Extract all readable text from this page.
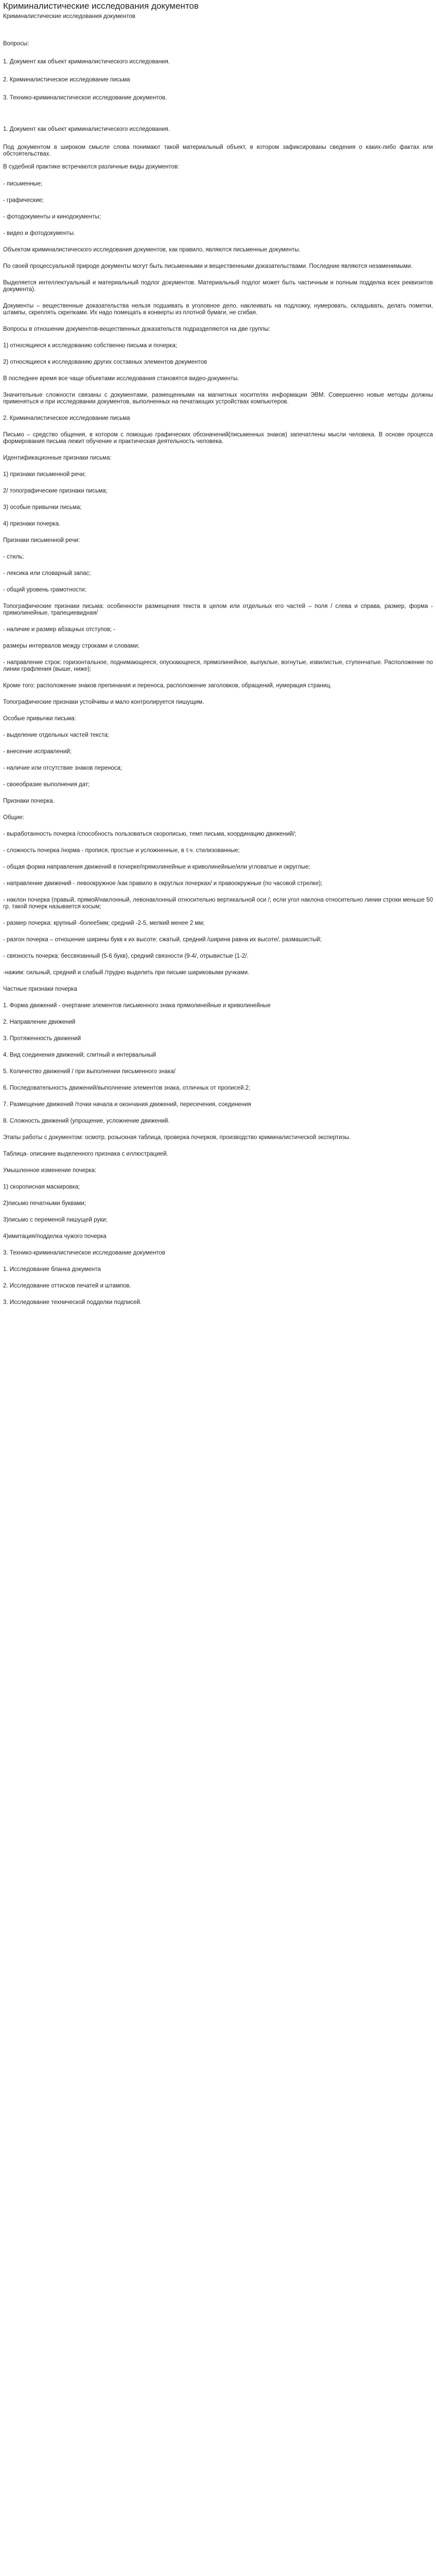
Криминалистические исследования документов
Криминалистические исследования документов

Вопросы:

1. Документ как объект криминалистического исследования.

2. Криминалистическое исследование письма

3. Технико-криминалистическое исследование документов.

1. Документ как объект криминалистического исследования.

Под документом в широком смысле слова понимают такой материальный объект, в котором зафиксированы сведения о каких-либо фактах или обстоятельствах.

В судебной практике встречаются различные виды документов:

- письменные;

- графические;

- фотодокументы и кинодокументы;

- видео и фотодокументы.

Объектом криминалистического исследования документов, как правило, являются письменные документы.

По своей процессуальной природе документы могут быть письменными и вещественными доказательствами. Последние являются незаменимыми.

Выделяется интеллектуальный и материальный подлог документов. Материальный подлог может быть частичным и полным подделка всех реквизитов документа).

Документы – вещественные доказательства нельзя подшивать в уголовное дело, наклеивать на подложку, нумеровать, складывать, делать пометки, штампы, скреплять скрепками. Их надо помещать в конверты из плотной бумаги, не сгибая.

Вопросы в отношении документов-вещественных доказательств подразделяются на две группы:

1) относящиеся к исследованию собственно письма и почерка;

2) относящиеся к исследованию других составных элементов документов

В последнее время все чаще объектами исследования становятся видео-документы.

Значительные сложности связаны с документами, размещенными на магнитных носителях информации ЭВМ. Совершенно новые методы должны применяться и при исследовании документов, выполненных на печатающих устройствах компьютеров.

2. Криминалистическое исследование письма

Письмо – средство общения, в котором с помощью графических обозначений(письменных знаков) запечатлены мысли человека. В основе процесса формирования письма лежит обучение и практическая деятельность человека.

Идентификационные признаки письма:

1) признаки письменной речи;

2/ топографические признаки письма;

3) особые привычки письма;

4) признаки почерка.

Признаки письменной речи:

- стиль;

- лексика или словарный запас;

- общий уровень грамотности;

Топографические признаки письма: особенности размещения текста в целом или отдельных его частей – поля / слева и справа, размер, форма - прямолинейные, трапециевидная/

- наличие и размер абзацных отступов; -

размеры интервалов между строками и словами;

- направление строк: горизонтальное, поднимающееся, опускающееся, прямолинейное, выпуклые, вогнутые, извилистые, ступенчатые. Расположение по линии графления (выше, ниже);

Кроме того: расположение знаков препинания и переноса, расположение заголовков, обращений, нумерация страниц.

Топографические признаки устойчивы и мало контролируется пишущим.

Особые привычки письма:

- выделение отдельных частей текста;

- внесение исправлений;

- наличие или отсутствие знаков переноса;

- своеобразие выполнения дат;

Признаки почерка.

Общие:

- выработанность почерка /способность пользоваться скорописью, темп письма, координацию движений/;

- сложность почерка /норма - пропися, простые и усложненные, в т.ч. стилизованные;

- общая форма направления движений в почерке/прямолинейные и криволинейные/или угловатые и округлые;

- направление движений - левоокружное /как правило в округлых почерках/ и правоокружные (по часовой стрелке);

- наклон почерка (правый, прямой/наклонный, левонаклонный относительно вертикальной оси /; если угол наклона относительно линии строки меньше 50 гр. такой почерк называется косым;

- размер почерка: крупный -более5мм; средний -2-5, мелкий менее 2 мм;

- разгон почерка – отношение ширины букв к их высоте: сжатый, средний /ширина равна их высоте/, размашистый;

- связность почерка: бессвязанный (5-6 букв), средний связности (9-4/, отрывистые (1-2/.

-нажим: сильный, средний и слабый /трудно выделить при письме шариковыми ручками.

Частные признаки почерка

1. Форма движений - очертание элементов письменного знака прямолинейные и криволинейные

2. Направление движений

3. Протяженность движений

4. Вид соединения движений; слитный и интервальный

5. Количество движений / при выполнении письменного знака/

6. Последовательность движений/выполнение элементов знака, отличных от прописей.2;

7. Размещение движений /точки начала и окончания движений, пересечения, соединения

8. Сложность движений (упрощение, усложнение движений.

Этапы работы с документом: осмотр, розыскная таблица, проверка почерков, производство криминалистической экспертизы.

Таблица- описание выделенного признака с иллюстрацией.

Умышленное изменение почерка:

1) скорописная маскировка;

2)письмо печатными буквами;

3)письмо с переменой пишущей руки;

4)имитация/подделка чужого почерка

3. Технико-криминалистическое исследование документов

1. Исследование бланка документа

2. Исследование оттисков печатей и штампов.

3. Исследование технической подделки подписей.
